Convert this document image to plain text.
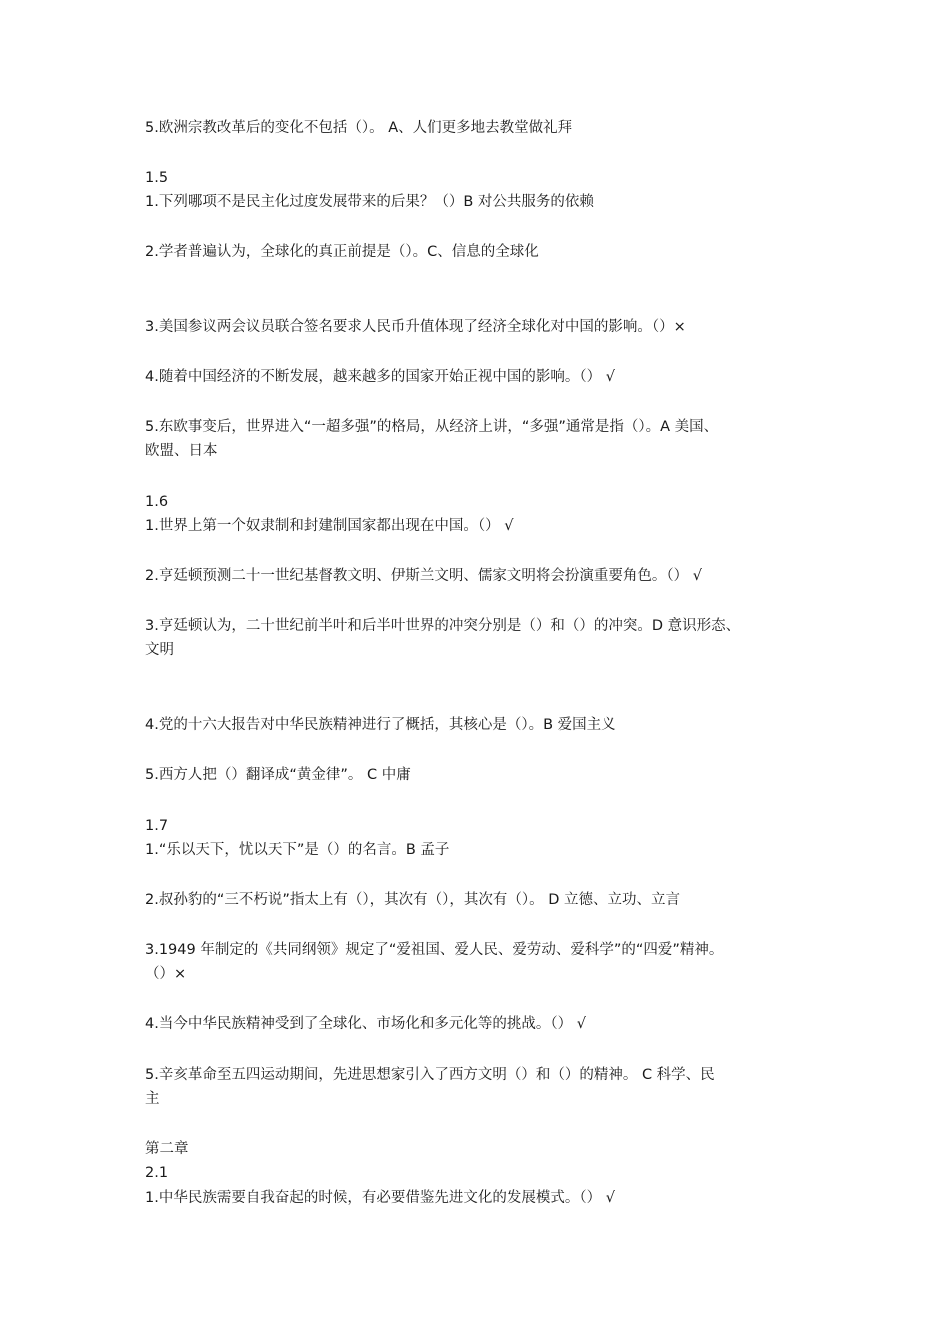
5.欧洲宗教改革后的变化不包括（）。 A、人们更多地去教堂做礼拜
1.5
1.下列哪项不是民主化过度发展带来的后果？（）B 对公共服务的依赖
2.学者普遍认为，全球化的真正前提是（）。C、信息的全球化
3.美国参议两会议员联合签名要求人民币升值体现了经济全球化对中国的影响。（）×
4.随着中国经济的不断发展，越来越多的国家开始正视中国的影响。（） √
5.东欧事变后，世界进入“一超多强”的格局，从经济上讲，“多强”通常是指（）。A 美国、
欧盟、日本
1.6
1.世界上第一个奴隶制和封建制国家都出现在中国。（） √
2.亨廷顿预测二十一世纪基督教文明、伊斯兰文明、儒家文明将会扮演重要角色。（） √
3.亨廷顿认为，二十世纪前半叶和后半叶世界的冲突分别是（）和（）的冲突。D 意识形态、
文明
4.党的十六大报告对中华民族精神进行了概括，其核心是（）。B 爱国主义
5.西方人把（）翻译成“黄金律”。 C 中庸
1.7
1.“乐以天下，忧以天下”是（）的名言。B 孟子
2.叔孙豹的“三不朽说”指太上有（），其次有（），其次有（）。 D 立德、立功、立言
3.1949 年制定的《共同纲领》规定了“爱祖国、爱人民、爱劳动、爱科学”的“四爱”精神。
（）×
4.当今中华民族精神受到了全球化、市场化和多元化等的挑战。（） √
5.辛亥革命至五四运动期间，先进思想家引入了西方文明（）和（）的精神。 C 科学、民
主
第二章
2.1
1.中华民族需要自我奋起的时候，有必要借鉴先进文化的发展模式。（） √
